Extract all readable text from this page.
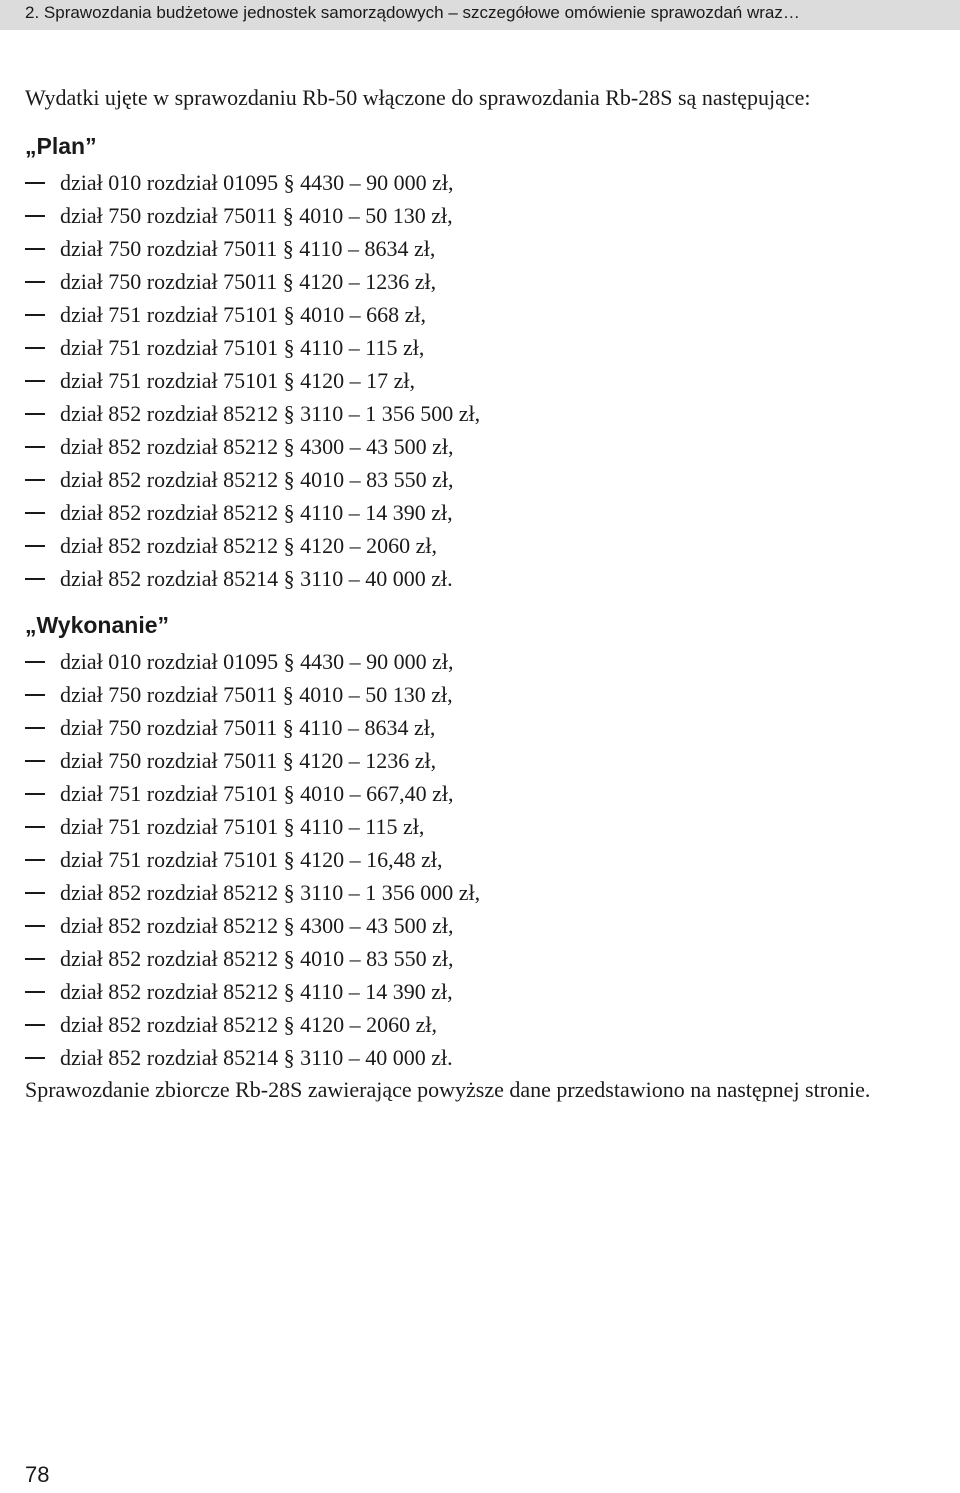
2. Sprawozdania budżetowe jednostek samorządowych – szczegółowe omówienie sprawozdań wraz…

Wydatki ujęte w sprawozdaniu Rb-50 włączone do sprawozdania Rb-28S są następujące:

„Plan”
dział 010 rozdział 01095 § 4430 – 90 000 zł,
dział 750 rozdział 75011 § 4010 – 50 130 zł,
dział 750 rozdział 75011 § 4110 – 8634 zł,
dział 750 rozdział 75011 § 4120 – 1236 zł,
dział 751 rozdział 75101 § 4010 – 668 zł,
dział 751 rozdział 75101 § 4110 – 115 zł,
dział 751 rozdział 75101 § 4120 – 17 zł,
dział 852 rozdział 85212 § 3110 – 1 356 500 zł,
dział 852 rozdział 85212 § 4300 – 43 500 zł,
dział 852 rozdział 85212 § 4010 – 83 550 zł,
dział 852 rozdział 85212 § 4110 – 14 390 zł,
dział 852 rozdział 85212 § 4120 – 2060 zł,
dział 852 rozdział 85214 § 3110 – 40 000 zł.
„Wykonanie”
dział 010 rozdział 01095 § 4430 – 90 000 zł,
dział 750 rozdział 75011 § 4010 – 50 130 zł,
dział 750 rozdział 75011 § 4110 – 8634 zł,
dział 750 rozdział 75011 § 4120 – 1236 zł,
dział 751 rozdział 75101 § 4010 – 667,40 zł,
dział 751 rozdział 75101 § 4110 – 115 zł,
dział 751 rozdział 75101 § 4120 – 16,48 zł,
dział 852 rozdział 85212 § 3110 – 1 356 000 zł,
dział 852 rozdział 85212 § 4300 – 43 500 zł,
dział 852 rozdział 85212 § 4010 – 83 550 zł,
dział 852 rozdział 85212 § 4110 – 14 390 zł,
dział 852 rozdział 85212 § 4120 – 2060 zł,
dział 852 rozdział 85214 § 3110 – 40 000 zł.

Sprawozdanie zbiorcze Rb-28S zawierające powyższe dane przedstawiono na następnej stronie.

78
